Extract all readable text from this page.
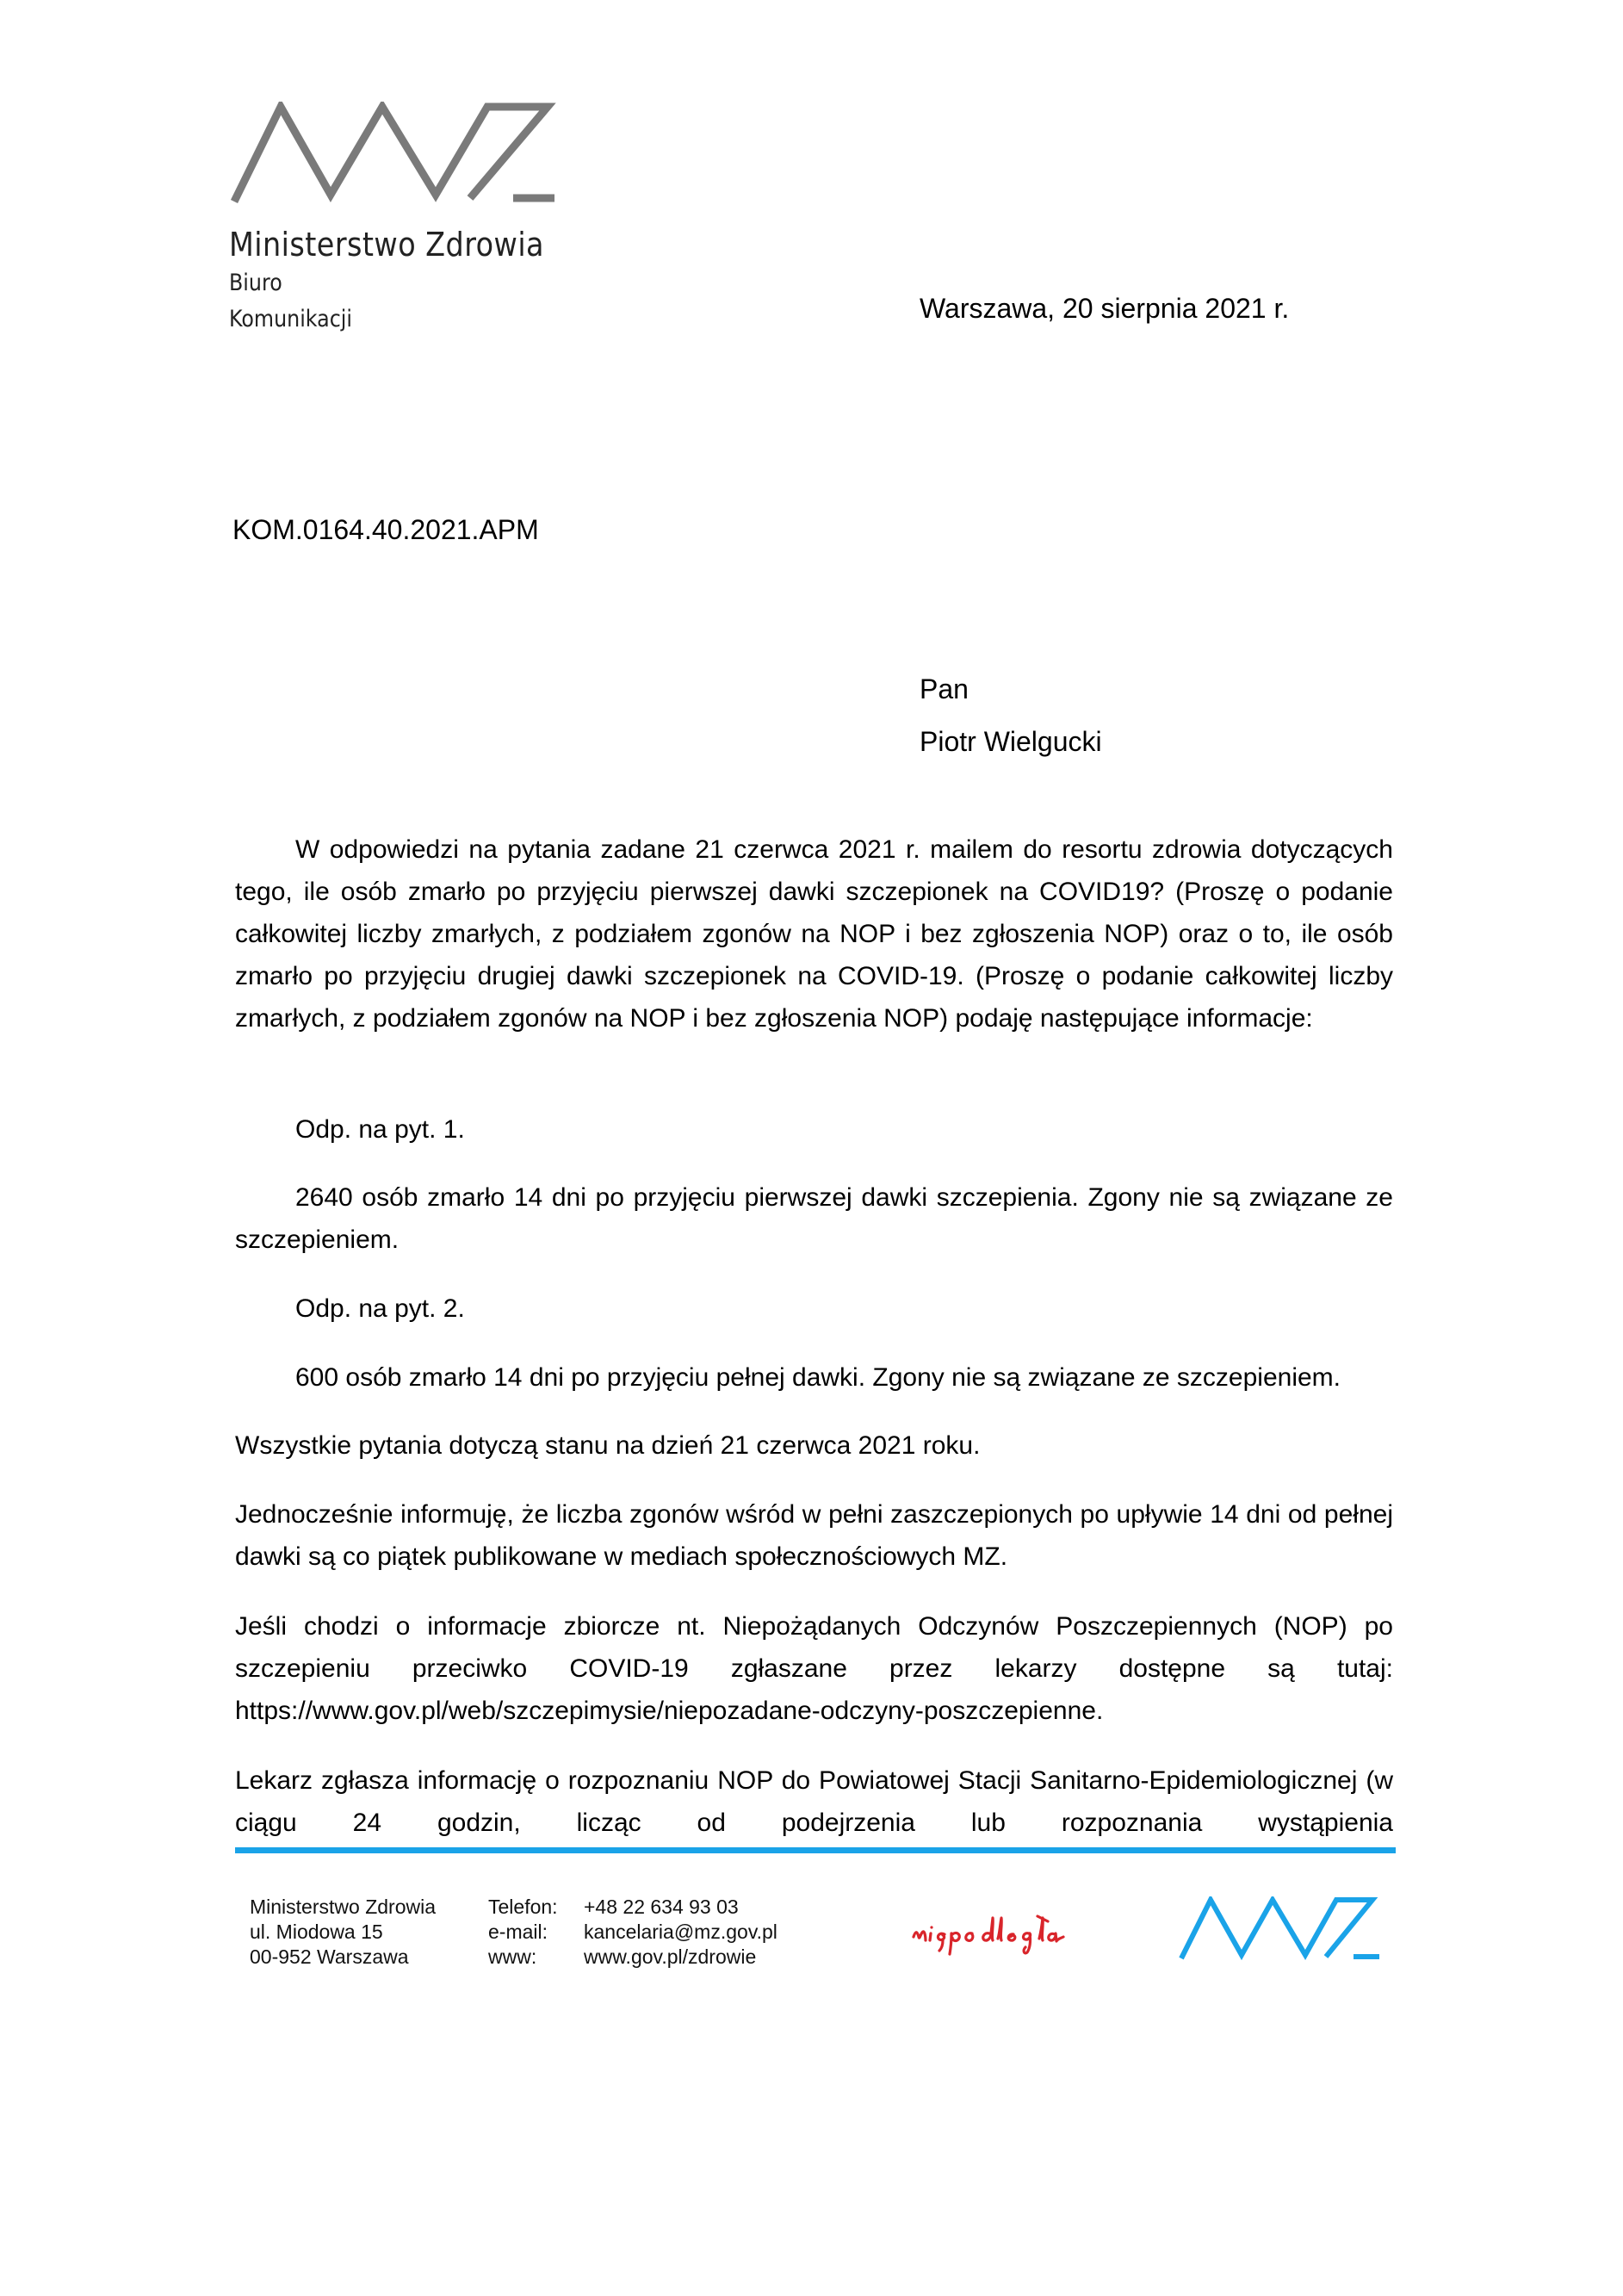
Ministerstwo Zdrowia
Biuro
Komunikacji	Warszawa, 20 sierpnia 2021 r.
KOM.0164.40.2021.APM
Pan
Piotr Wielgucki
W odpowiedzi na pytania zadane 21 czerwca 2021 r. mailem do resortu zdrowia dotyczących tego, ile osób zmarło po przyjęciu pierwszej dawki szczepionek na COVID19? (Proszę o podanie całkowitej liczby zmarłych, z podziałem zgonów na NOP i bez zgłoszenia NOP) oraz o to, ile osób zmarło po przyjęciu drugiej dawki szczepionek na COVID-19. (Proszę o podanie całkowitej liczby zmarłych, z podziałem zgonów na NOP i bez zgłoszenia NOP) podaję następujące informacje:
Odp. na pyt. 1.
2640 osób zmarło 14 dni po przyjęciu pierwszej dawki szczepienia. Zgony nie są związane ze szczepieniem.
Odp. na pyt. 2.
600 osób zmarło 14 dni po przyjęciu pełnej dawki. Zgony nie są związane ze szczepieniem.
Wszystkie pytania dotyczą stanu na dzień 21 czerwca 2021 roku.
Jednocześnie informuję, że liczba zgonów wśród w pełni zaszczepionych po upływie 14 dni od pełnej dawki są co piątek publikowane w mediach społecznościowych MZ.
Jeśli chodzi o informacje zbiorcze nt. Niepożądanych Odczynów Poszczepiennych (NOP) po szczepieniu przeciwko COVID-19 zgłaszane przez lekarzy dostępne są tutaj: https://www.gov.pl/web/szczepimysie/niepozadane-odczyny-poszczepienne.
Lekarz zgłasza informację o rozpoznaniu NOP do Powiatowej Stacji Sanitarno-Epidemiologicznej (w ciągu 24 godzin, licząc od podejrzenia lub rozpoznania wystąpienia
Ministerstwo Zdrowia
ul. Miodowa 15
00-952 Warszawa
Telefon:
e-mail:
www:
+48 22 634 93 03
kancelaria@mz.gov.pl
www.gov.pl/zdrowie
